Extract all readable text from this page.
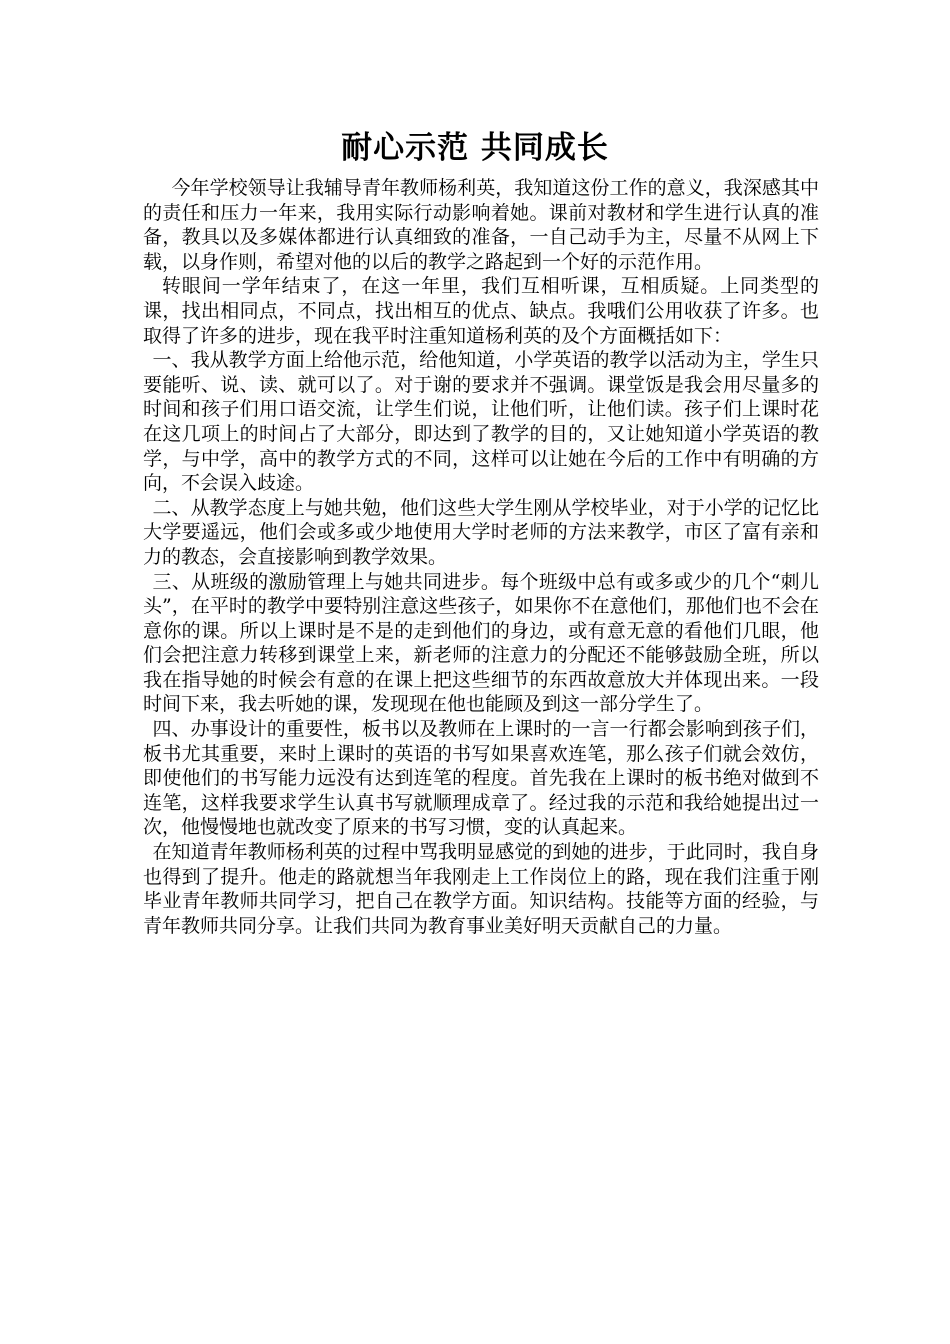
耐心示范 共同成长

今年学校领导让我辅导青年教师杨利英，我知道这份工作的意义，我深感其中的责任和压力一年来，我用实际行动影响着她。课前对教材和学生进行认真的准备，教具以及多媒体都进行认真细致的准备，一自己动手为主，尽量不从网上下载，以身作则，希望对他的以后的教学之路起到一个好的示范作用。

转眼间一学年结束了，在这一年里，我们互相听课，互相质疑。上同类型的课，找出相同点，不同点，找出相互的优点、缺点。我哦们公用收获了许多。也取得了许多的进步，现在我平时注重知道杨利英的及个方面概括如下：

一、我从教学方面上给他示范，给他知道，小学英语的教学以活动为主，学生只要能听、说、读、就可以了。对于谢的要求并不强调。课堂饭是我会用尽量多的时间和孩子们用口语交流，让学生们说，让他们听，让他们读。孩子们上课时花在这几项上的时间占了大部分，即达到了教学的目的，又让她知道小学英语的教学，与中学，高中的教学方式的不同，这样可以让她在今后的工作中有明确的方向，不会误入歧途。

二、从教学态度上与她共勉，他们这些大学生刚从学校毕业，对于小学的记忆比大学要遥远，他们会或多或少地使用大学时老师的方法来教学，市区了富有亲和力的教态，会直接影响到教学效果。

三、从班级的激励管理上与她共同进步。每个班级中总有或多或少的几个“刺儿头”，在平时的教学中要特别注意这些孩子，如果你不在意他们，那他们也不会在意你的课。所以上课时是不是的走到他们的身边，或有意无意的看他们几眼，他们会把注意力转移到课堂上来，新老师的注意力的分配还不能够鼓励全班，所以我在指导她的时候会有意的在课上把这些细节的东西故意放大并体现出来。一段时间下来，我去听她的课，发现现在他也能顾及到这一部分学生了。

四、办事设计的重要性，板书以及教师在上课时的一言一行都会影响到孩子们，板书尤其重要，来时上课时的英语的书写如果喜欢连笔，那么孩子们就会效仿，即使他们的书写能力远没有达到连笔的程度。首先我在上课时的板书绝对做到不连笔，这样我要求学生认真书写就顺理成章了。经过我的示范和我给她提出过一次，他慢慢地也就改变了原来的书写习惯，变的认真起来。

在知道青年教师杨利英的过程中骂我明显感觉的到她的进步，于此同时，我自身也得到了提升。他走的路就想当年我刚走上工作岗位上的路，现在我们注重于刚毕业青年教师共同学习，把自己在教学方面。知识结构。技能等方面的经验，与青年教师共同分享。让我们共同为教育事业美好明天贡献自己的力量。
